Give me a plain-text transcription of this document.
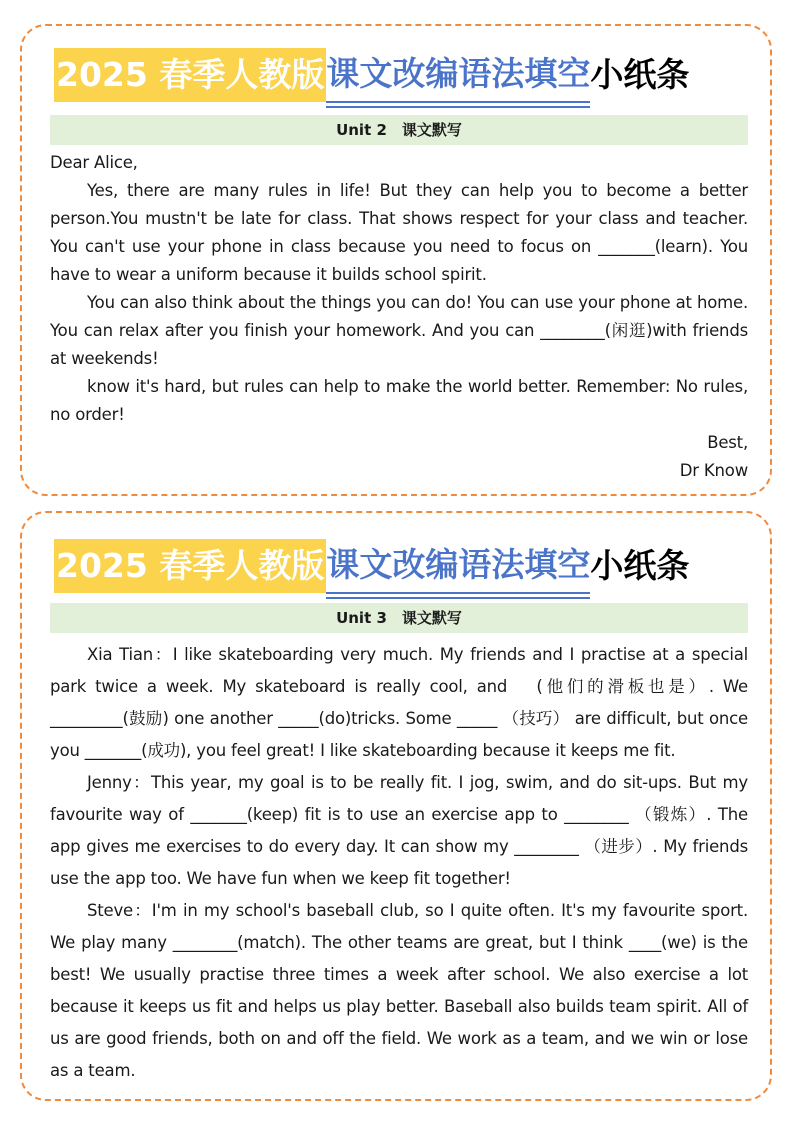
2025 春季人教版 课文改编语法填空 小纸条
Unit 2　课文默写

Dear Alice,

Yes, there are many rules in life! But they can help you to become a better person.You mustn't be late for class. That shows respect for your class and teacher. You can't use your phone in class because you need to focus on _______(learn). You have to wear a uniform because it builds school spirit.

You can also think about the things you can do! You can use your phone at home. You can relax after you finish your homework. And you can ________(闲逛)with friends at weekends!

know it's hard, but rules can help to make the world better. Remember: No rules, no order!

Best,

Dr Know

2025 春季人教版 课文改编语法填空 小纸条
Unit 3　课文默写

Xia Tian：I like skateboarding very much. My friends and I practise at a special park twice a week. My skateboard is really cool, and 　(他们的滑板也是）. We _________(鼓励) one another _____(do)tricks. Some _____ （技巧） are difficult, but once you _______(成功), you feel great! I like skateboarding because it keeps me fit.

Jenny：This year, my goal is to be really fit. I jog, swim, and do sit-ups. But my favourite way of _______(keep) fit is to use an exercise app to ________ （锻炼）. The app gives me exercises to do every day. It can show my ________ （进步）. My friends use the app too. We have fun when we keep fit together!

Steve：I'm in my school's baseball club, so I quite often. It's my favourite sport. We play many ________(match). The other teams are great, but I think ____(we) is the best! We usually practise three times a week after school. We also exercise a lot because it keeps us fit and helps us play better. Baseball also builds team spirit. All of us are good friends, both on and off the field. We work as a team, and we win or lose as a team.
